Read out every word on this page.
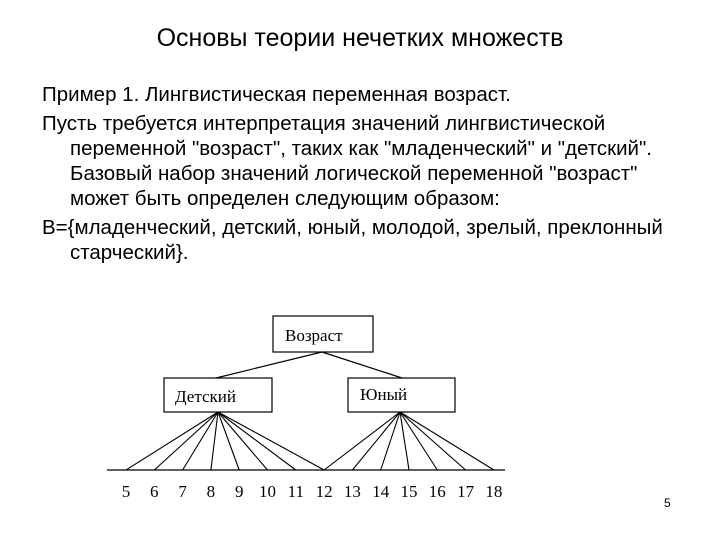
Основы теории нечетких множеств

Пример 1. Лингвистическая переменная возраст.

Пусть требуется интерпретация значений лингвистической переменной "возраст", таких как "младенческий" и "детский". Базовый набор значений логической переменной "возраст" может быть определен следующим образом:

B={младенческий, детский, юный, молодой, зрелый, преклонный старческий}.

Возраст
Детский	Юный
5 6 7 8 9 10 11 12 13 14 15 16 17 18
5
